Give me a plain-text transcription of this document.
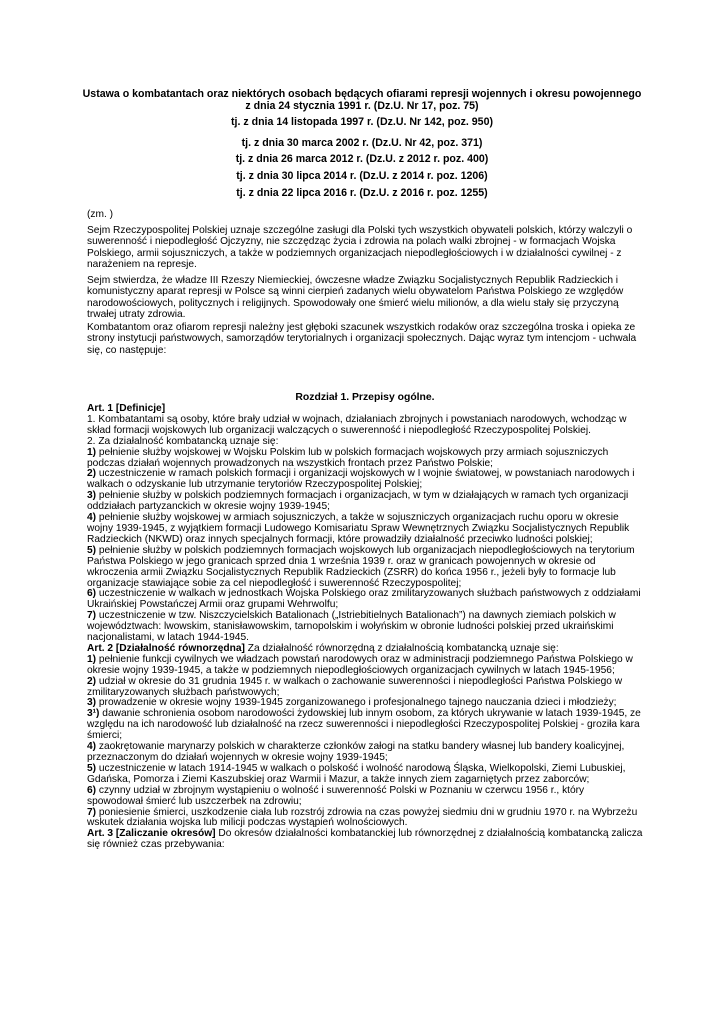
Ustawa o kombatantach oraz niektórych osobach będących ofiarami represji wojennych i okresu powojennego
z dnia 24 stycznia 1991 r. (Dz.U. Nr 17, poz. 75)
tj. z dnia 14 listopada 1997 r. (Dz.U. Nr 142, poz. 950)
tj. z dnia 30 marca 2002 r. (Dz.U. Nr 42, poz. 371)
tj. z dnia 26 marca 2012 r. (Dz.U. z 2012 r. poz. 400)
tj. z dnia 30 lipca 2014 r. (Dz.U. z 2014 r. poz. 1206)
tj. z dnia 22 lipca 2016 r. (Dz.U. z 2016 r. poz. 1255)
(zm. )

Sejm Rzeczypospolitej Polskiej uznaje szczególne zasługi dla Polski tych wszystkich obywateli polskich, którzy walczyli o suwerenność i niepodległość Ojczyzny, nie szczędząc życia i zdrowia na polach walki zbrojnej - w formacjach Wojska Polskiego, armii sojuszniczych, a także w podziemnych organizacjach niepodległościowych i w działalności cywilnej - z narażeniem na represje.

Sejm stwierdza, że władze III Rzeszy Niemieckiej, ówczesne władze Związku Socjalistycznych Republik Radzieckich i komunistyczny aparat represji w Polsce są winni cierpień zadanych wielu obywatelom Państwa Polskiego ze względów narodowościowych, politycznych i religijnych. Spowodowały one śmierć wielu milionów, a dla wielu stały się przyczyną trwałej utraty zdrowia.

Kombatantom oraz ofiarom represji należny jest głęboki szacunek wszystkich rodaków oraz szczególna troska i opieka ze strony instytucji państwowych, samorządów terytorialnych i organizacji społecznych. Dając wyraz tym intencjom - uchwala się, co następuje:

Rozdział 1. Przepisy ogólne.
Art. 1 [Definicje]
1. Kombatantami są osoby, które brały udział w wojnach, działaniach zbrojnych i powstaniach narodowych, wchodząc w skład formacji wojskowych lub organizacji walczących o suwerenność i niepodległość Rzeczypospolitej Polskiej.
2. Za działalność kombatancką uznaje się:
1) pełnienie służby wojskowej w Wojsku Polskim lub w polskich formacjach wojskowych przy armiach sojuszniczych podczas działań wojennych prowadzonych na wszystkich frontach przez Państwo Polskie;
2) uczestniczenie w ramach polskich formacji i organizacji wojskowych w I wojnie światowej, w powstaniach narodowych i walkach o odzyskanie lub utrzymanie terytoriów Rzeczypospolitej Polskiej;
3) pełnienie służby w polskich podziemnych formacjach i organizacjach, w tym w działających w ramach tych organizacji oddziałach partyzanckich w okresie wojny 1939-1945;
4) pełnienie służby wojskowej w armiach sojuszniczych, a także w sojuszniczych organizacjach ruchu oporu w okresie wojny 1939-1945, z wyjątkiem formacji Ludowego Komisariatu Spraw Wewnętrznych Związku Socjalistycznych Republik Radzieckich (NKWD) oraz innych specjalnych formacji, które prowadziły działalność przeciwko ludności polskiej;
5) pełnienie służby w polskich podziemnych formacjach wojskowych lub organizacjach niepodległościowych na terytorium Państwa Polskiego w jego granicach sprzed dnia 1 września 1939 r. oraz w granicach powojennych w okresie od wkroczenia armii Związku Socjalistycznych Republik Radzieckich (ZSRR) do końca 1956 r., jeżeli były to formacje lub organizacje stawiające sobie za cel niepodległość i suwerenność Rzeczypospolitej;
6) uczestniczenie w walkach w jednostkach Wojska Polskiego oraz zmilitaryzowanych służbach państwowych z oddziałami Ukraińskiej Powstańczej Armii oraz grupami Wehrwolfu;
7) uczestniczenie w tzw. Niszczycielskich Batalionach („Istriebitielnych Batalionach”) na dawnych ziemiach polskich w województwach: lwowskim, stanisławowskim, tarnopolskim i wołyńskim w obronie ludności polskiej przed ukraińskimi nacjonalistami, w latach 1944-1945.
Art. 2 [Działalność równorzędna] Za działalność równorzędną z działalnością kombatancką uznaje się:
1) pełnienie funkcji cywilnych we władzach powstań narodowych oraz w administracji podziemnego Państwa Polskiego w okresie wojny 1939-1945, a także w podziemnych niepodległościowych organizacjach cywilnych w latach 1945-1956;
2) udział w okresie do 31 grudnia 1945 r. w walkach o zachowanie suwerenności i niepodległości Państwa Polskiego w zmilitaryzowanych służbach państwowych;
3) prowadzenie w okresie wojny 1939-1945 zorganizowanego i profesjonalnego tajnego nauczania dzieci i młodzieży;
3¹) dawanie schronienia osobom narodowości żydowskiej lub innym osobom, za których ukrywanie w latach 1939-1945, ze względu na ich narodowość lub działalność na rzecz suwerenności i niepodległości Rzeczypospolitej Polskiej - groziła kara śmierci;
4) zaokrętowanie marynarzy polskich w charakterze członków załogi na statku bandery własnej lub bandery koalicyjnej, przeznaczonym do działań wojennych w okresie wojny 1939-1945;
5) uczestniczenie w latach 1914-1945 w walkach o polskość i wolność narodową Śląska, Wielkopolski, Ziemi Lubuskiej, Gdańska, Pomorza i Ziemi Kaszubskiej oraz Warmii i Mazur, a także innych ziem zagarniętych przez zaborców;
6) czynny udział w zbrojnym wystąpieniu o wolność i suwerenność Polski w Poznaniu w czerwcu 1956 r., który spowodował śmierć lub uszczerbek na zdrowiu;
7) poniesienie śmierci, uszkodzenie ciała lub rozstrój zdrowia na czas powyżej siedmiu dni w grudniu 1970 r. na Wybrzeżu wskutek działania wojska lub milicji podczas wystąpień wolnościowych.
Art. 3 [Zaliczanie okresów] Do okresów działalności kombatanckiej lub równorzędnej z działalnością kombatancką zalicza się również czas przebywania:
